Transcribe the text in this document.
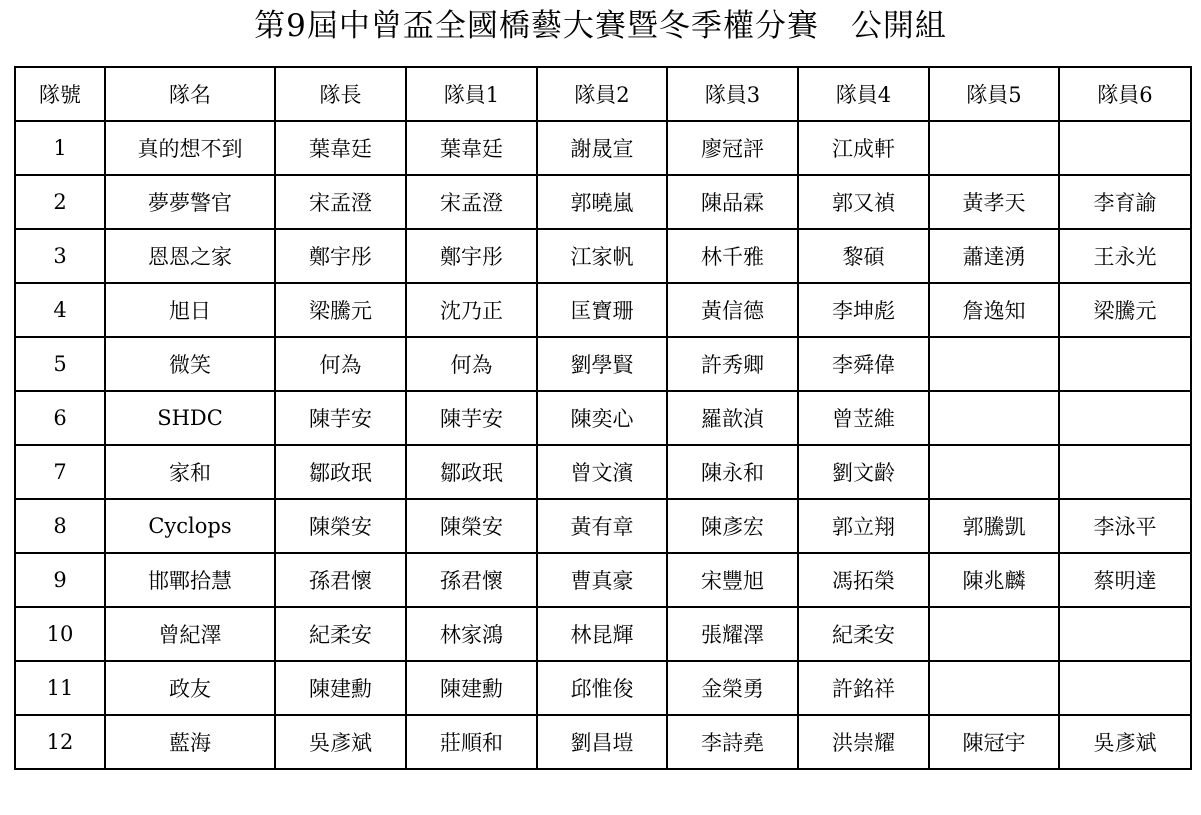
第9屆中曾盃全國橋藝大賽暨冬季權分賽　公開組
隊號	隊名	隊長	隊員1	隊員2	隊員3	隊員4	隊員5	隊員6
1	真的想不到	葉韋廷	葉韋廷	謝晟宣	廖冠評	江成軒		
2	夢夢警官	宋孟澄	宋孟澄	郭曉嵐	陳品霖	郭又禎	黃孝天	李育諭
3	恩恩之家	鄭宇彤	鄭宇彤	江家帆	林千雅	黎碩	蕭達湧	王永光
4	旭日	梁騰元	沈乃正	匡寶珊	黃信德	李坤彪	詹逸知	梁騰元
5	微笑	何為	何為	劉學賢	許秀卿	李舜偉		
6	SHDC	陳芋安	陳芋安	陳奕心	羅歆湞	曾苙維		
7	家和	鄒政珉	鄒政珉	曾文濱	陳永和	劉文齡		
8	Cyclops	陳榮安	陳榮安	黃有章	陳彥宏	郭立翔	郭騰凱	李泳平
9	邯鄲拾慧	孫君懷	孫君懷	曹真豪	宋豐旭	馮拓榮	陳兆麟	蔡明達
10	曾紀澤	紀柔安	林家鴻	林昆輝	張耀澤	紀柔安		
11	政友	陳建勳	陳建勳	邱惟俊	金榮勇	許銘祥		
12	藍海	吳彥斌	莊順和	劉昌塏	李詩堯	洪崇耀	陳冠宇	吳彥斌
